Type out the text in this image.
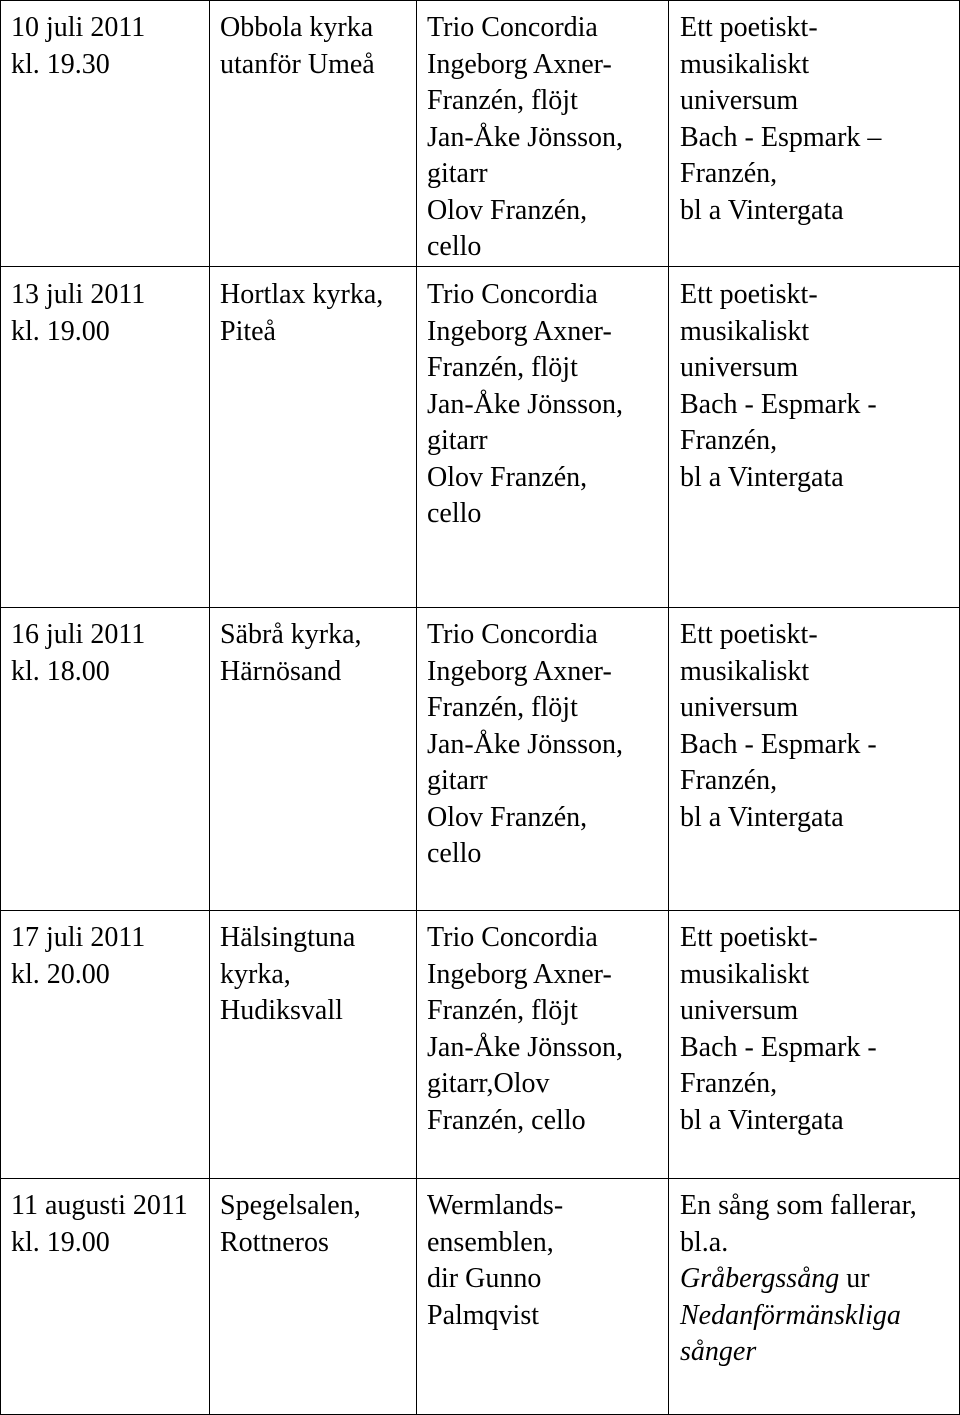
10 juli 2011
kl. 19.30
Obbola kyrka
utanför Umeå
Trio Concordia
Ingeborg Axner-
Franzén, flöjt
Jan-Åke Jönsson,
gitarr
Olov Franzén,
cello
Ett poetiskt-
musikaliskt
universum
Bach - Espmark –
Franzén,
bl a Vintergata
13 juli 2011
kl. 19.00
Hortlax kyrka,
Piteå
Trio Concordia
Ingeborg Axner-
Franzén, flöjt
Jan-Åke Jönsson,
gitarr
Olov Franzén,
cello
Ett poetiskt-
musikaliskt
universum
Bach - Espmark -
Franzén,
bl a Vintergata
16 juli 2011
kl. 18.00
Säbrå kyrka,
Härnösand
Trio Concordia
Ingeborg Axner-
Franzén, flöjt
Jan-Åke Jönsson,
gitarr
Olov Franzén,
cello
Ett poetiskt-
musikaliskt
universum
Bach - Espmark -
Franzén,
bl a Vintergata
17 juli 2011
kl. 20.00
Hälsingtuna
kyrka,
Hudiksvall
Trio Concordia
Ingeborg Axner-
Franzén, flöjt
Jan-Åke Jönsson,
gitarr,Olov
Franzén, cello
Ett poetiskt-
musikaliskt
universum
Bach - Espmark -
Franzén,
bl a Vintergata
11 augusti 2011
kl. 19.00
Spegelsalen,
Rottneros
Wermlands-
ensemblen,
dir Gunno
Palmqvist
En sång som fallerar,
bl.a.
Gråbergssång ur
Nedanförmänskliga
sånger
